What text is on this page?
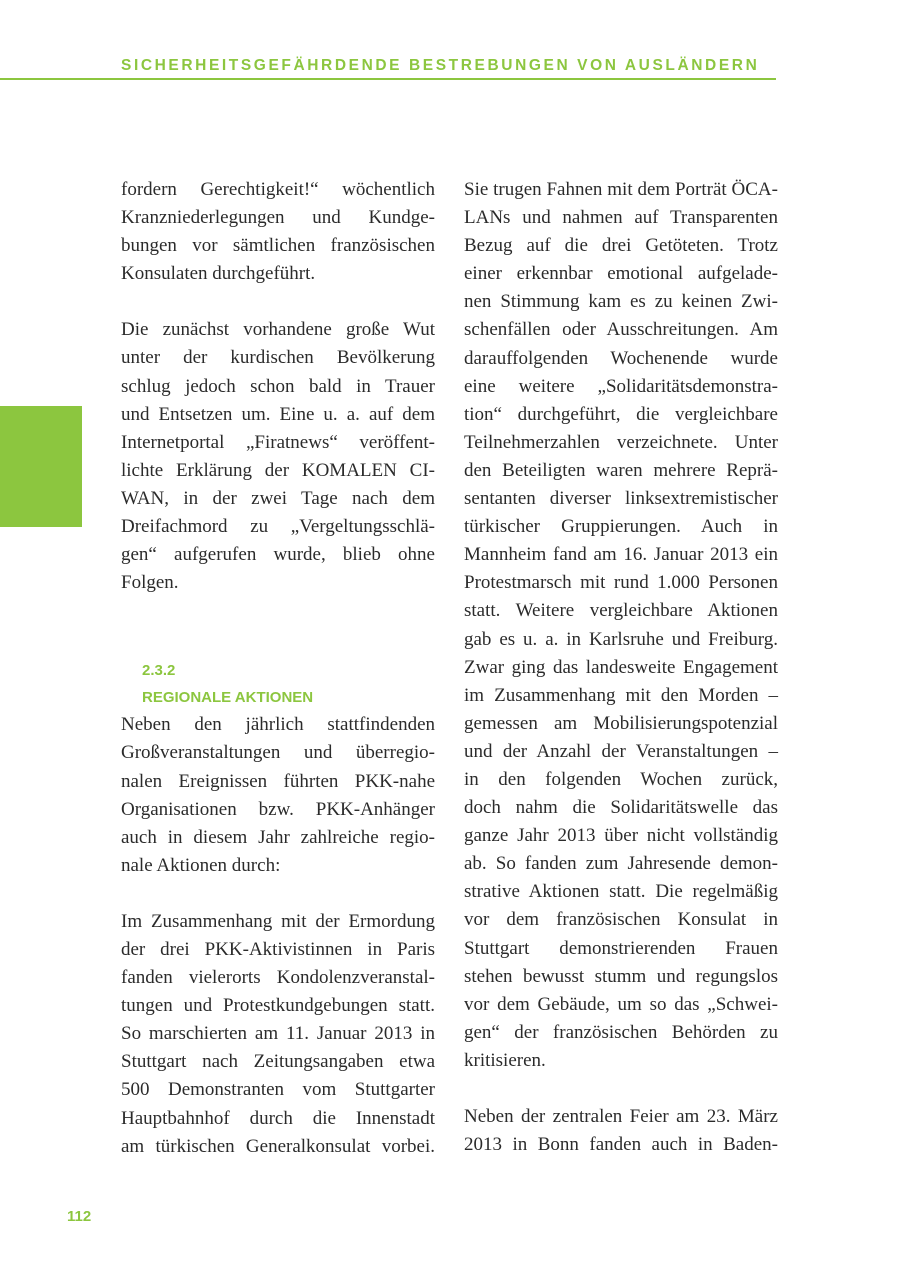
SICHERHEITSGEFÄHRDENDE BESTREBUNGEN VON AUSLÄNDERN
fordern Gerechtigkeit!“ wöchentlich
Kranzniederlegungen und Kundge-
bungen vor sämtlichen französischen
Konsulaten durchgeführt.
Die zunächst vorhandene große Wut
unter der kurdischen Bevölkerung
schlug jedoch schon bald in Trauer
und Entsetzen um. Eine u. a. auf dem
Internetportal „Firatnews“ veröffent-
lichte Erklärung der KOMALEN CI-
WAN, in der zwei Tage nach dem
Dreifachmord zu „Vergeltungsschlä-
gen“ aufgerufen wurde, blieb ohne
Folgen.
2.3.2
REGIONALE AKTIONEN
Neben den jährlich stattfindenden
Großveranstaltungen und überregio-
nalen Ereignissen führten PKK-nahe
Organisationen bzw. PKK-Anhänger
auch in diesem Jahr zahlreiche regio-
nale Aktionen durch:
Im Zusammenhang mit der Ermordung
der drei PKK-Aktivistinnen in Paris
fanden vielerorts Kondolenzveranstal-
tungen und Protestkundgebungen statt.
So marschierten am 11. Januar 2013 in
Stuttgart nach Zeitungsangaben etwa
500 Demonstranten vom Stuttgarter
Hauptbahnhof durch die Innenstadt
am türkischen Generalkonsulat vorbei.
Sie trugen Fahnen mit dem Porträt ÖCA-
LANs und nahmen auf Transparenten
Bezug auf die drei Getöteten. Trotz
einer erkennbar emotional aufgelade-
nen Stimmung kam es zu keinen Zwi-
schenfällen oder Ausschreitungen. Am
darauffolgenden Wochenende wurde
eine weitere „Solidaritätsdemonstra-
tion“ durchgeführt, die vergleichbare
Teilnehmerzahlen verzeichnete. Unter
den Beteiligten waren mehrere Reprä-
sentanten diverser linksextremistischer
türkischer Gruppierungen. Auch in
Mannheim fand am 16. Januar 2013 ein
Protestmarsch mit rund 1.000 Personen
statt. Weitere vergleichbare Aktionen
gab es u. a. in Karlsruhe und Freiburg.
Zwar ging das landesweite Engagement
im Zusammenhang mit den Morden –
gemessen am Mobilisierungspotenzial
und der Anzahl der Veranstaltungen –
in den folgenden Wochen zurück,
doch nahm die Solidaritätswelle das
ganze Jahr 2013 über nicht vollständig
ab. So fanden zum Jahresende demon-
strative Aktionen statt. Die regelmäßig
vor dem französischen Konsulat in
Stuttgart demonstrierenden Frauen
stehen bewusst stumm und regungslos
vor dem Gebäude, um so das „Schwei-
gen“ der französischen Behörden zu
kritisieren.
Neben der zentralen Feier am 23. März
2013 in Bonn fanden auch in Baden-
112
